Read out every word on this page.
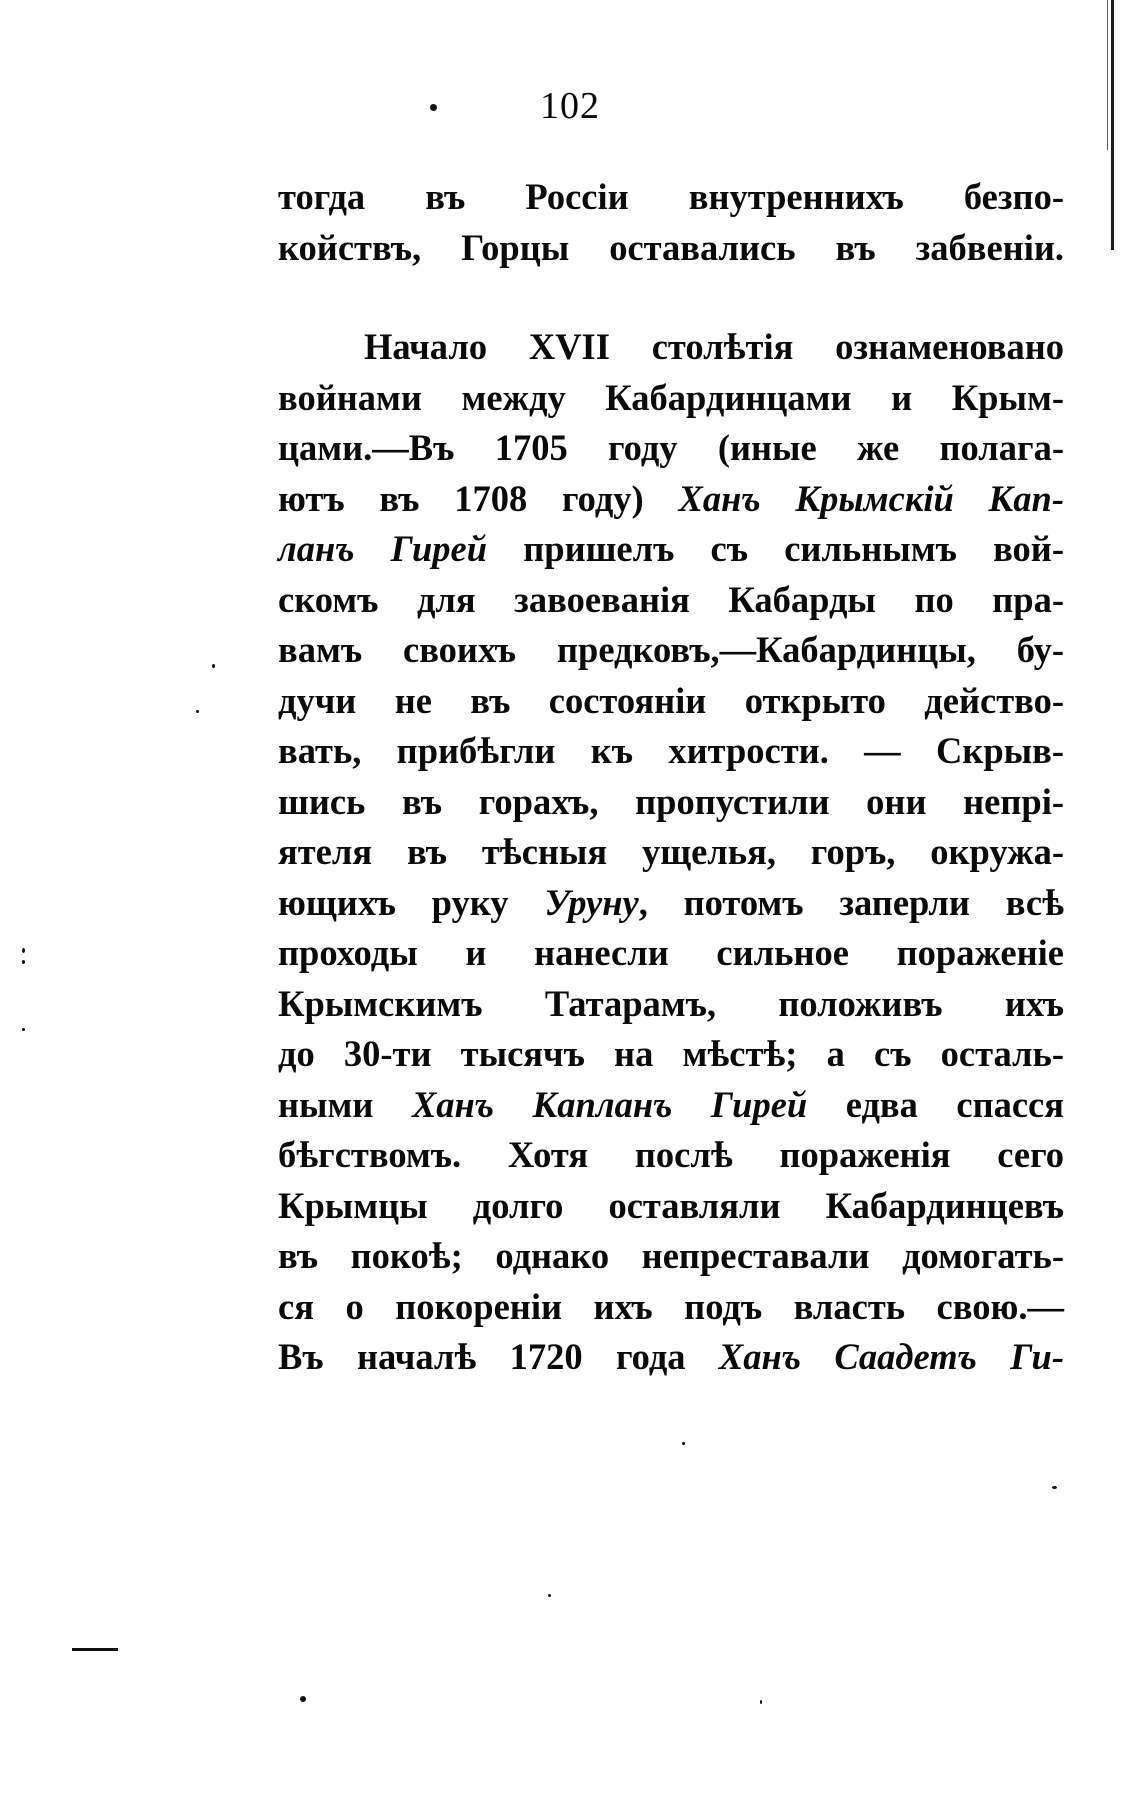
102
тогда въ Россіи внутреннихъ безпо-
койствъ, Горцы оставались въ забвеніи.
Начало XVII столѣтія ознаменовано
войнами между Кабардинцами и Крым-
цами.—Въ 1705 году (иные же полага-
ютъ въ 1708 году) Ханъ Крымскій Кап-
ланъ Гирей пришелъ съ сильнымъ вой-
скомъ для завоеванія Кабарды по пра-
вамъ своихъ предковъ,—Кабардинцы, бу-
дучи не въ состояніи открыто действо-
вать, прибѣгли къ хитрости. — Скрыв-
шись въ горахъ, пропустили они непрі-
ятеля въ тѣсныя ущелья, горъ, окружа-
ющихъ руку Уруну, потомъ заперли всѣ
проходы и нанесли сильное пораженіе
Крымскимъ Татарамъ, положивъ ихъ
до 30-ти тысячъ на мѣстѣ; а съ осталь-
ными Ханъ Капланъ Гирей едва спасся
бѣгствомъ. Хотя послѣ пораженія сего
Крымцы долго оставляли Кабардинцевъ
въ покоѣ; однако непреставали домогать-
ся о покореніи ихъ подъ власть свою.—
Въ началѣ 1720 года Ханъ Саадетъ Ги-
